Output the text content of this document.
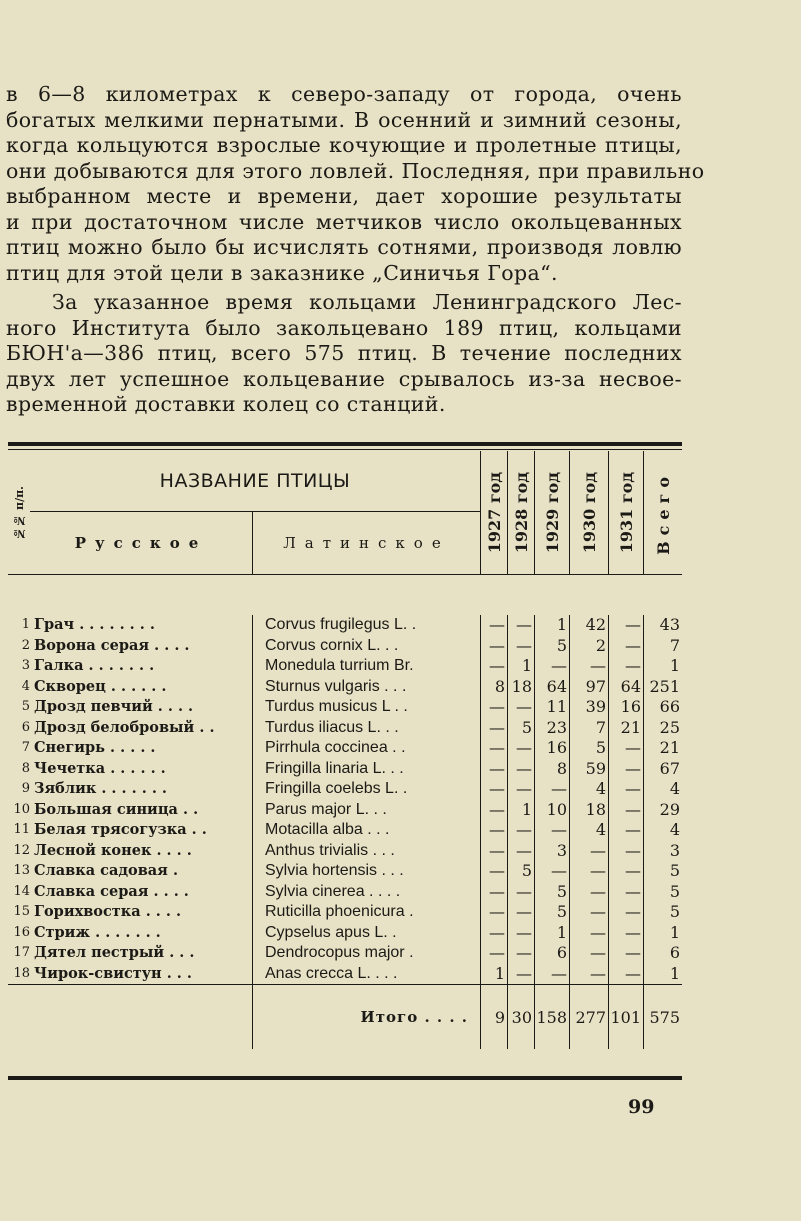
в 6—8 километрах к северо-западу от города, очень
богатых мелкими пернатыми. В осенний и зимний сезоны,
когда кольцуются взрослые кочующие и пролетные птицы,
они добываются для этого ловлей. Последняя, при правильно
выбранном месте и времени, дает хорошие результаты
и при достаточном числе метчиков число окольцеванных
птиц можно было бы исчислять сотнями, производя ловлю
птиц для этой цели в заказнике „Синичья Гора“.
За указанное время кольцами Ленинградского Лес-
ного Института было закольцевано 189 птиц, кольцами
БЮН'а—386 птиц, всего 575 птиц. В течение последних
двух лет успешное кольцевание срывалось из-за несвое-
временной доставки колец со станций.
№№ п/п.	НАЗВАНИЕ ПТИЦЫ		1927 год	1928 год	1929 год	1930 год	1931 год	Всего

	Русское	Латинское						

1	Грач . . . . . . . .	Corvus frugilegus L. .	—	—	1	42	—	43
2	Ворона серая . . . .	Corvus cornix L. . .	—	—	5	2	—	7
3	Галка . . . . . . .	Monedula turrium Br.	—	1	—	—	—	1
4	Скворец . . . . . .	Sturnus vulgaris . . .	8	18	64	97	64	251
5	Дрозд певчий . . . .	Turdus musicus L . .	—	—	11	39	16	66
6	Дрозд белобровый . .	Turdus iliacus L. . .	—	5	23	7	21	25
7	Снегирь . . . . .	Pirrhula coccinea . .	—	—	16	5	—	21
8	Чечетка . . . . . .	Fringilla linaria L. . .	—	—	8	59	—	67
9	Зяблик . . . . . . .	Fringilla coelebs L. .	—	—	—	4	—	4
10	Большая синица . .	Parus major L. . .	—	1	10	18	—	29
11	Белая трясогузка . .	Motacilla alba . . .	—	—	—	4	—	4
12	Лесной конек . . . .	Anthus trivialis . . .	—	—	3	—	—	3
13	Славка садовая .	Sylvia hortensis . . .	—	5	—	—	—	5
14	Славка серая . . . .	Sylvia cinerea . . . .	—	—	5	—	—	5
15	Горихвостка . . . .	Ruticilla phoenicura .	—	—	5	—	—	5
16	Стриж . . . . . . .	Cypselus apus L. .	—	—	1	—	—	1
17	Дятел пестрый . . .	Dendrocopus major .	—	—	6	—	—	6
18	Чирок-свистун . . .	Anas crecca L. . . .	1	—	—	—	—	1
		Итого . . . .	9	30	158	277	101	575
99
